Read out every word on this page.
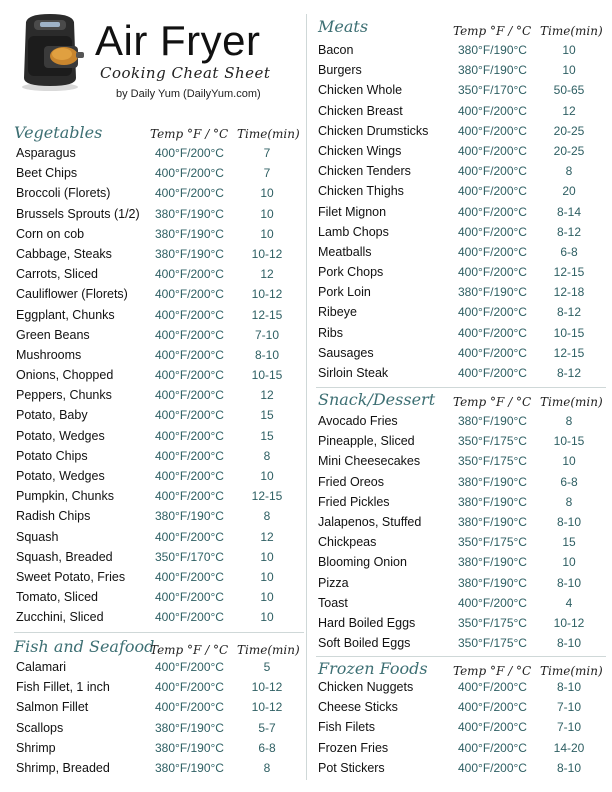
Air Fryer
Cooking Cheat Sheet
by Daily Yum (DailyYum.com)
Vegetables	Temp °F / °C Time(min)
Asparagus	400°F/200°C	7
Beet Chips	400°F/200°C	7
Broccoli (Florets)	400°F/200°C	10
Brussels Sprouts (1/2) 380°F/190°C	10
Corn on cob	380°F/190°C	10
Cabbage, Steaks	380°F/190°C	10-12
Carrots, Sliced	400°F/200°C	12
Cauliflower (Florets) 400°F/200°C	10-12
Eggplant, Chunks	400°F/200°C	12-15
Green Beans	400°F/200°C	7-10
Mushrooms	400°F/200°C	8-10
Onions, Chopped	400°F/200°C	10-15
Peppers, Chunks	400°F/200°C	12
Potato, Baby	400°F/200°C	15
Potato, Wedges	400°F/200°C	15
Potato Chips	400°F/200°C	8
Potato, Wedges	400°F/200°C	10
Pumpkin, Chunks	400°F/200°C	12-15
Radish Chips	380°F/190°C	8
Squash	400°F/200°C	12
Squash, Breaded	350°F/170°C	10
Sweet Potato, Fries 400°F/200°C	10
Tomato, Sliced	400°F/200°C	10
Zucchini, Sliced	400°F/200°C	10
Fish and Seafood
Temp °F / °C Time(min)
Calamari	400°F/200°C	5
Fish Fillet, 1 inch	400°F/200°C	10-12
Salmon Fillet	400°F/200°C	10-12
Scallops	380°F/190°C	5-7
Shrimp	380°F/190°C	6-8
Shrimp, Breaded	380°F/190°C	8
Meats	Temp °F / °C Time(min)
Bacon	380°F/190°C	10
Burgers	380°F/190°C	10
Chicken Whole	350°F/170°C	50-65
Chicken Breast	400°F/200°C	12
Chicken Drumsticks 400°F/200°C	20-25
Chicken Wings	400°F/200°C	20-25
Chicken Tenders	400°F/200°C	8
Chicken Thighs	400°F/200°C	20
Filet Mignon	400°F/200°C	8-14
Lamb Chops	400°F/200°C	8-12
Meatballs	400°F/200°C	6-8
Pork Chops	400°F/200°C	12-15
Pork Loin	380°F/190°C	12-18
Ribeye	400°F/200°C	8-12
Ribs	400°F/200°C	10-15
Sausages	400°F/200°C	12-15
Sirloin Steak	400°F/200°C	8-12
Snack/Dessert Temp °F / °C Time(min)
Avocado Fries	380°F/190°C	8
Pineapple, Sliced	350°F/175°C	10-15
Mini Cheesecakes	350°F/175°C	10
Fried Oreos	380°F/190°C	6-8
Fried Pickles	380°F/190°C	8
Jalapenos, Stuffed	380°F/190°C	8-10
Chickpeas	350°F/175°C	15
Blooming Onion	380°F/190°C	10
Pizza	380°F/190°C	8-10
Toast	400°F/200°C	4
Hard Boiled Eggs	350°F/175°C	10-12
Soft Boiled Eggs	350°F/175°C	8-10
Frozen Foods Temp °F / °C Time(min)
Chicken Nuggets	400°F/200°C	8-10
Cheese Sticks	400°F/200°C	7-10
Fish Filets	400°F/200°C	7-10
Frozen Fries	400°F/200°C	14-20
Pot Stickers	400°F/200°C	8-10
